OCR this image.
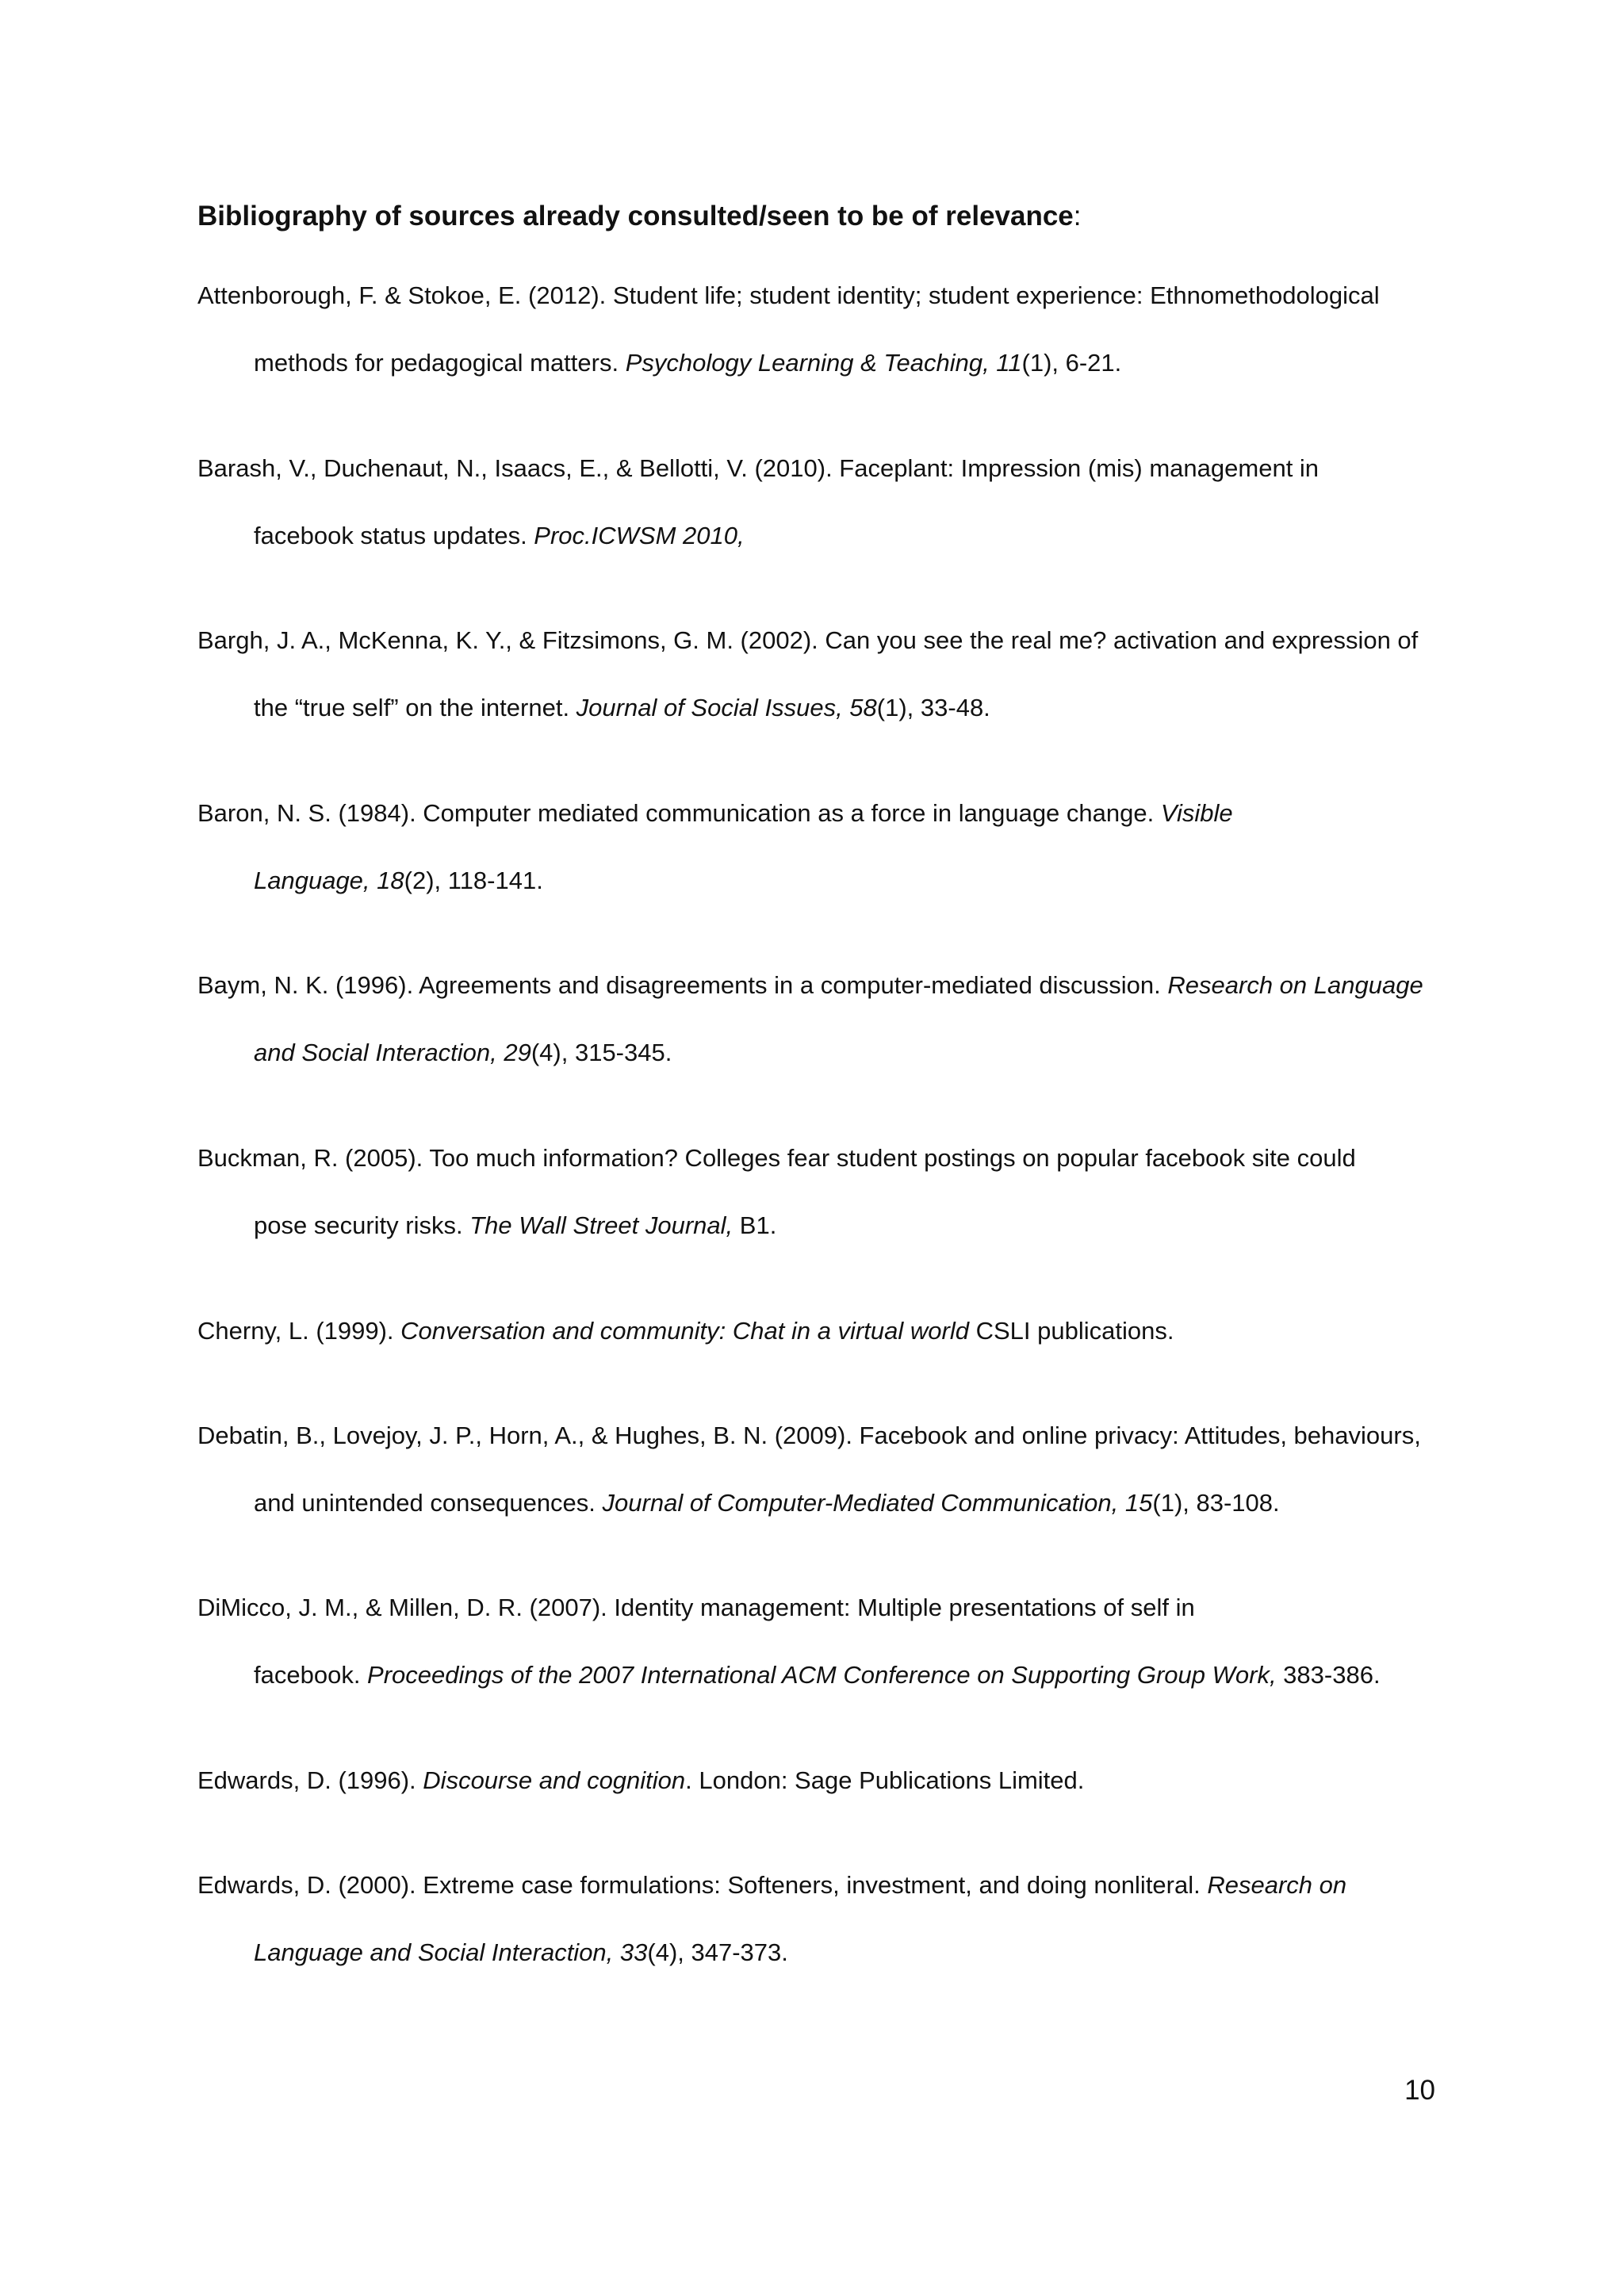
Bibliography of sources already consulted/seen to be of relevance:
Attenborough, F. & Stokoe, E. (2012). Student life; student identity; student experience: Ethnomethodological
methods for pedagogical matters. Psychology Learning & Teaching, 11(1), 6-21.
Barash, V., Duchenaut, N., Isaacs, E., & Bellotti, V. (2010). Faceplant: Impression (mis) management in
facebook status updates. Proc.ICWSM 2010,
Bargh, J. A., McKenna, K. Y., & Fitzsimons, G. M. (2002). Can you see the real me? activation and expression of
the “true self” on the internet. Journal of Social Issues, 58(1), 33-48.
Baron, N. S. (1984). Computer mediated communication as a force in language change. Visible
Language, 18(2), 118-141.
Baym, N. K. (1996). Agreements and disagreements in a computer-mediated discussion. Research on Language
and Social Interaction, 29(4), 315-345.
Buckman, R. (2005). Too much information? Colleges fear student postings on popular facebook site could
pose security risks. The Wall Street Journal, B1.
Cherny, L. (1999). Conversation and community: Chat in a virtual world CSLI publications.
Debatin, B., Lovejoy, J. P., Horn, A., & Hughes, B. N. (2009). Facebook and online privacy: Attitudes, behaviours,
and unintended consequences. Journal of Computer-Mediated Communication, 15(1), 83-108.
DiMicco, J. M., & Millen, D. R. (2007). Identity management: Multiple presentations of self in
facebook. Proceedings of the 2007 International ACM Conference on Supporting Group Work, 383-386.
Edwards, D. (1996). Discourse and cognition. London: Sage Publications Limited.
Edwards, D. (2000). Extreme case formulations: Softeners, investment, and doing nonliteral. Research on
Language and Social Interaction, 33(4), 347-373.
10
